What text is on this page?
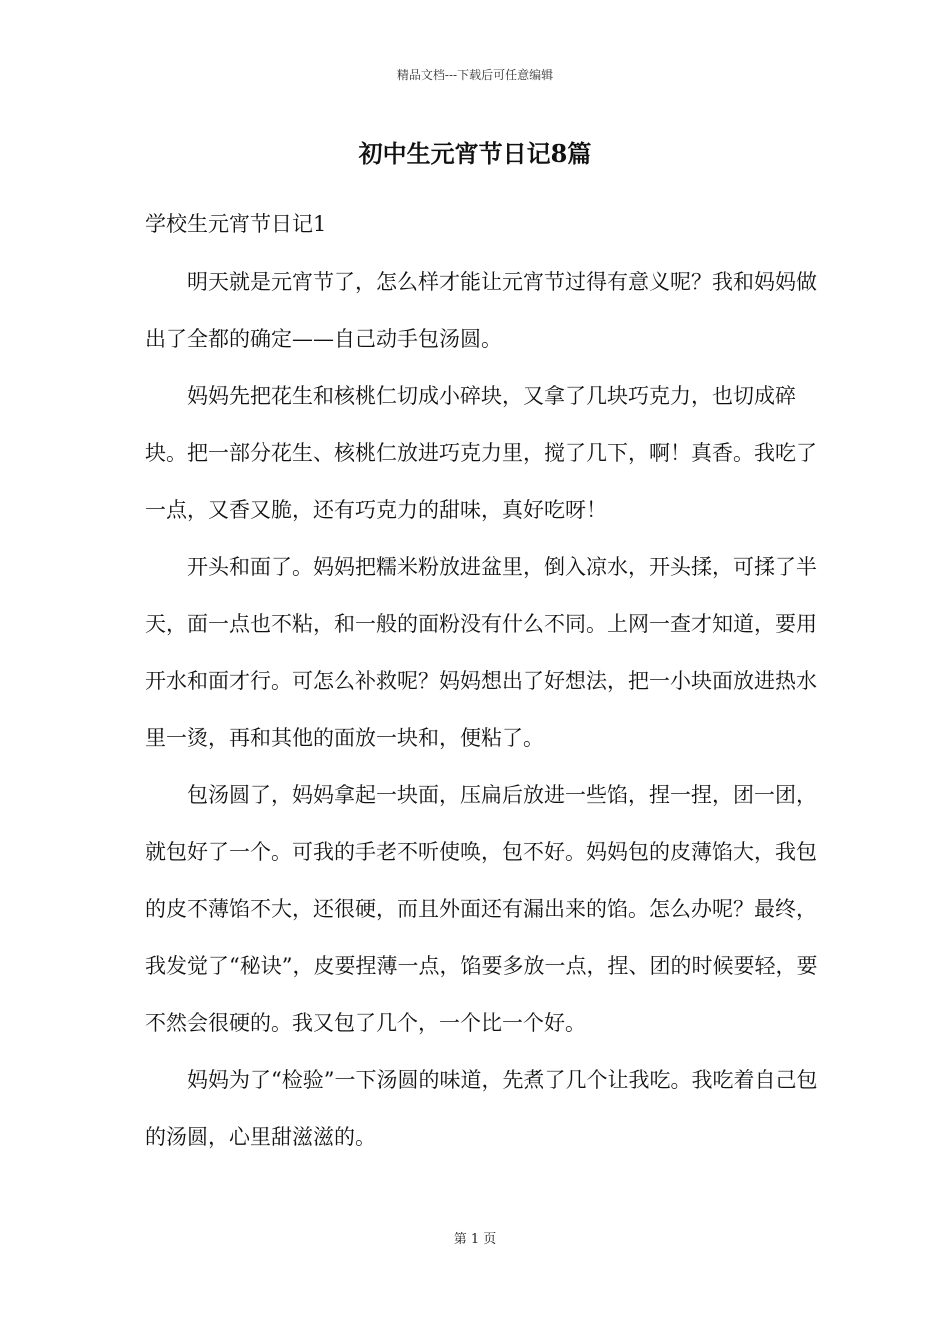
精品文档---下载后可任意编辑
初中生元宵节日记8篇
学校生元宵节日记1

明天就是元宵节了，怎么样才能让元宵节过得有意义呢？我和妈妈做出了全都的确定——自己动手包汤圆。

妈妈先把花生和核桃仁切成小碎块，又拿了几块巧克力，也切成碎块。把一部分花生、核桃仁放进巧克力里，搅了几下，啊！真香。我吃了一点，又香又脆，还有巧克力的甜味，真好吃呀！

开头和面了。妈妈把糯米粉放进盆里，倒入凉水，开头揉，可揉了半天，面一点也不粘，和一般的面粉没有什么不同。上网一查才知道，要用开水和面才行。可怎么补救呢？妈妈想出了好想法，把一小块面放进热水里一烫，再和其他的面放一块和，便粘了。

包汤圆了，妈妈拿起一块面，压扁后放进一些馅，捏一捏，团一团，就包好了一个。可我的手老不听使唤，包不好。妈妈包的皮薄馅大，我包的皮不薄馅不大，还很硬，而且外面还有漏出来的馅。怎么办呢？最终，我发觉了“秘诀”，皮要捏薄一点，馅要多放一点，捏、团的时候要轻，要不然会很硬的。我又包了几个，一个比一个好。

妈妈为了“检验”一下汤圆的味道，先煮了几个让我吃。我吃着自己包的汤圆，心里甜滋滋的。

第 1 页
